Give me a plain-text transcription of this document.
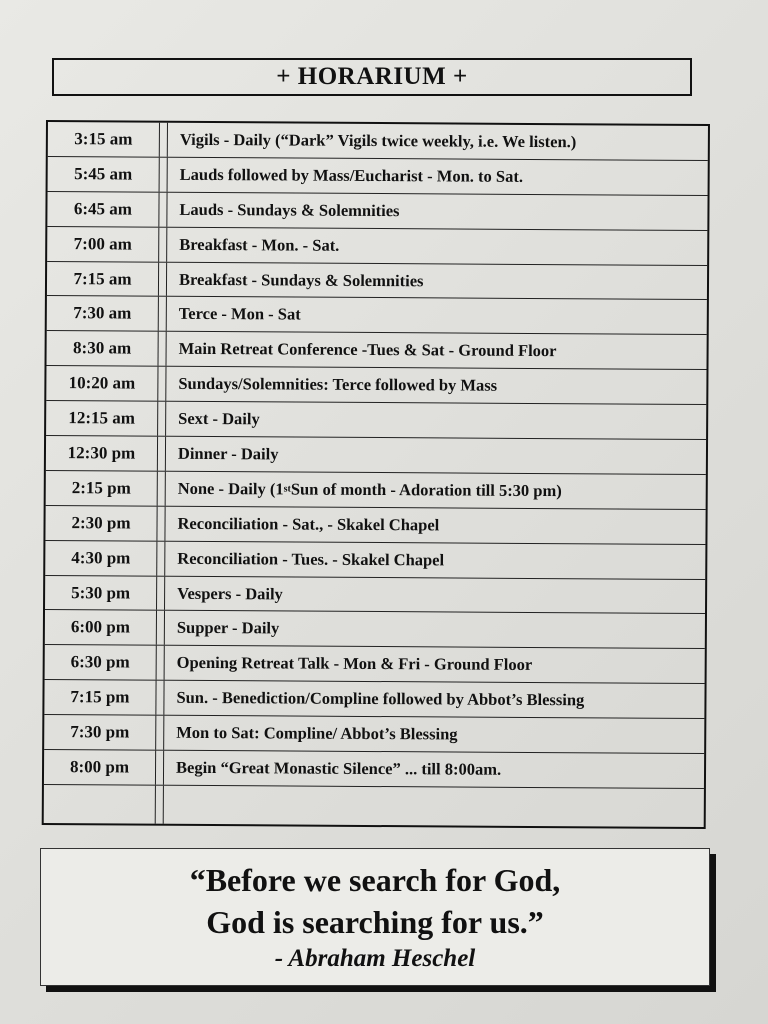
+ HORARIUM +
3:15 am	Vigils - Daily (“Dark” Vigils twice weekly, i.e. We listen.)
5:45 am	Lauds followed by Mass/Eucharist - Mon. to Sat.
6:45 am	Lauds - Sundays & Solemnities
7:00 am	Breakfast - Mon. - Sat.
7:15 am	Breakfast - Sundays & Solemnities
7:30 am	Terce - Mon - Sat
8:30 am	Main Retreat Conference -Tues & Sat - Ground Floor
10:20 am	Sundays/Solemnities: Terce followed by Mass
12:15 am	Sext - Daily
12:30 pm	Dinner - Daily
2:15 pm	None - Daily (1 st Sun of month - Adoration till 5:30 pm)
2:30 pm	Reconciliation - Sat., - Skakel Chapel
4:30 pm	Reconciliation - Tues. - Skakel Chapel
5:30 pm	Vespers - Daily
6:00 pm	Supper - Daily
6:30 pm	Opening Retreat Talk - Mon & Fri - Ground Floor
7:15 pm	Sun. - Benediction/Compline followed by Abbot’s Blessing
7:30 pm	Mon to Sat: Compline/ Abbot’s Blessing
8:00 pm	Begin “Great Monastic Silence” ... till 8:00am.
“Before we search for God,
God is searching for us.”
- Abraham Heschel
